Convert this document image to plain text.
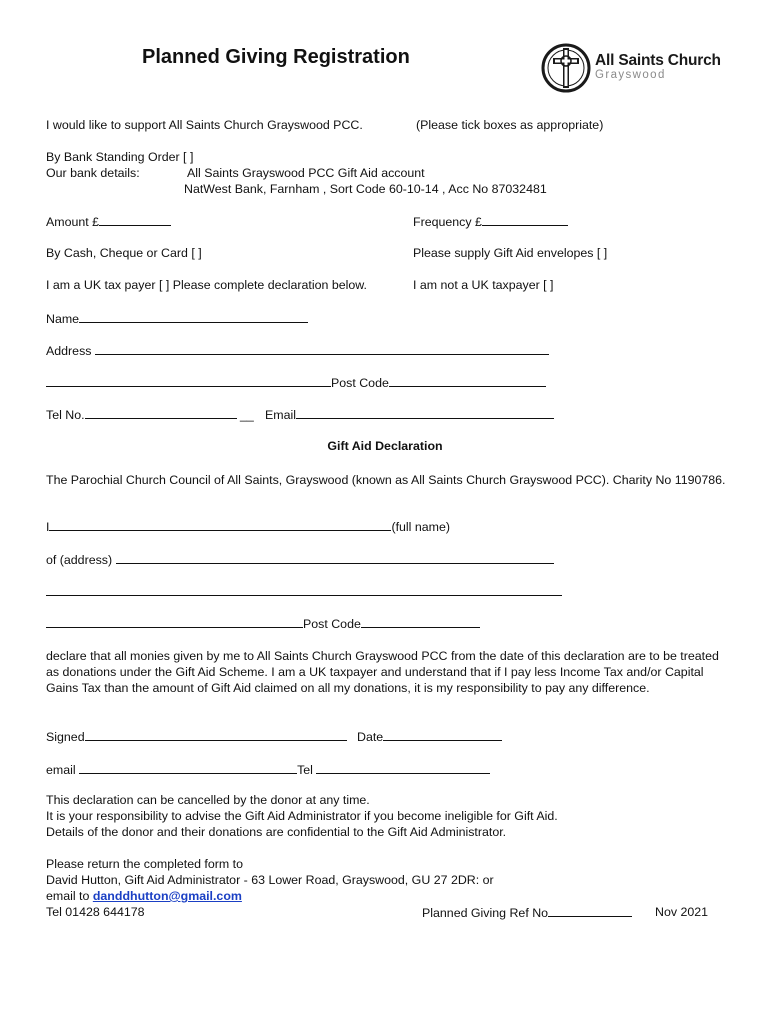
Planned Giving Registration	All Saints Church
Grayswood
I would like to support All Saints Church Grayswood PCC.	(Please tick boxes as appropriate)
By Bank Standing Order [ ]
Our bank details:	All Saints Grayswood PCC Gift Aid account
NatWest Bank, Farnham , Sort Code 60-10-14 , Acc No 87032481
Amount £	Frequency £
By Cash, Cheque or Card [ ]	Please supply Gift Aid envelopes [ ]
I am a UK tax payer [ ] Please complete declaration below.	I am not a UK taxpayer [ ]
Name
Address
Post Code
Tel No.	__ Email
Gift Aid Declaration
The Parochial Church Council of All Saints, Grayswood (known as All Saints Church Grayswood PCC). Charity No 1190786.
I	(full name)
of (address)
Post Code
declare that all monies given by me to All Saints Church Grayswood PCC from the date of this declaration are to be treated as donations under the Gift Aid Scheme. I am a UK taxpayer and understand that if I pay less Income Tax and/or Capital Gains Tax than the amount of Gift Aid claimed on all my donations, it is my responsibility to pay any difference.
Signed	Date
email	Tel
This declaration can be cancelled by the donor at any time.
It is your responsibility to advise the Gift Aid Administrator if you become ineligible for Gift Aid.
Details of the donor and their donations are confidential to the Gift Aid Administrator.
Please return the completed form to
David Hutton, Gift Aid Administrator - 63 Lower Road, Grayswood, GU 27 2DR: or
email to danddhutton@gmail.com
Tel 01428 644178	Planned Giving Ref No	Nov 2021
